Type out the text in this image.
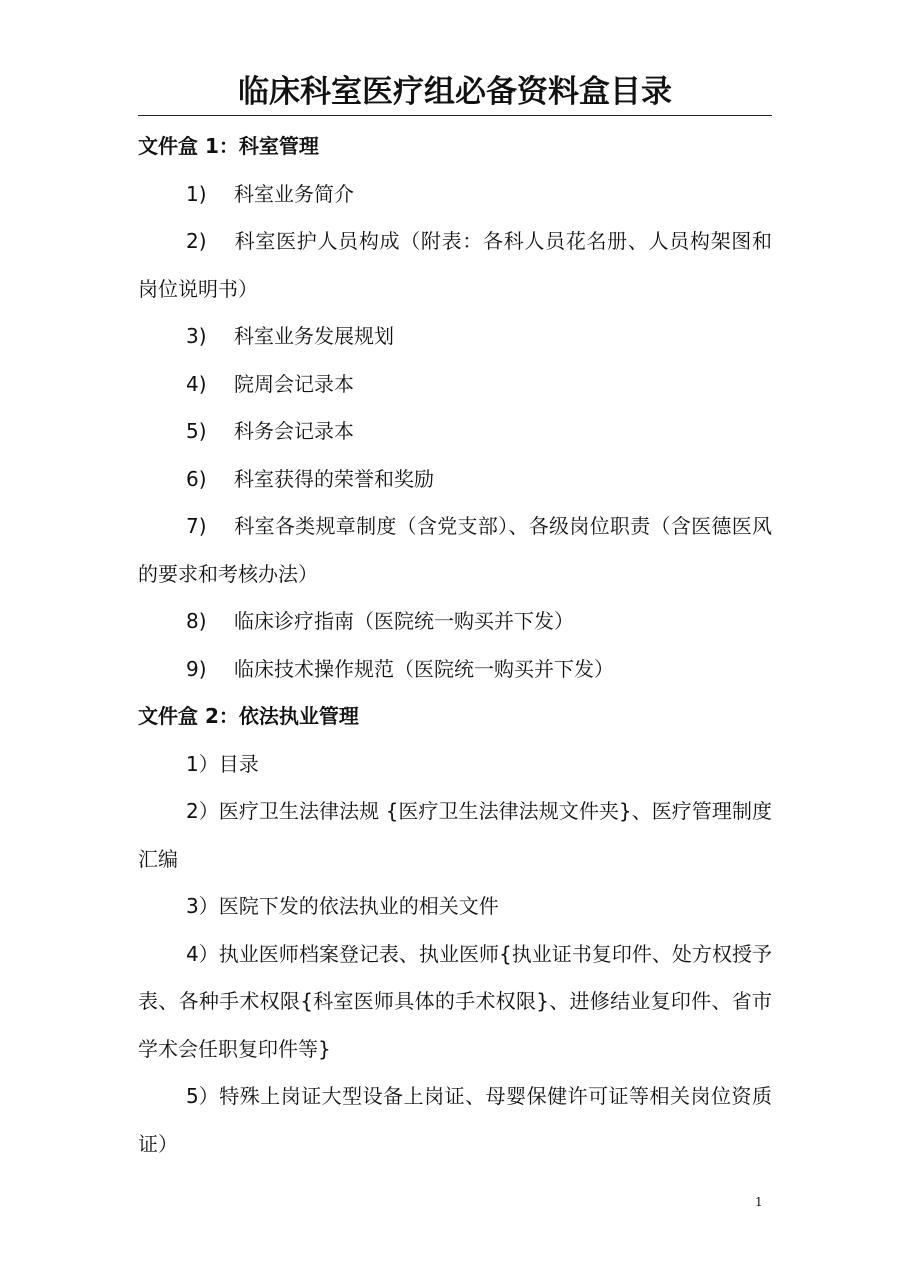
临床科室医疗组必备资料盒目录

文件盒 1：科室管理

1) 科室业务简介

2) 科室医护人员构成（附表：各科人员花名册、人员构架图和岗位说明书）

3) 科室业务发展规划

4) 院周会记录本

5) 科务会记录本

6) 科室获得的荣誉和奖励

7) 科室各类规章制度（含党支部）、各级岗位职责（含医德医风的要求和考核办法）

8) 临床诊疗指南（医院统一购买并下发）

9) 临床技术操作规范（医院统一购买并下发）

文件盒 2：依法执业管理

1）目录

2）医疗卫生法律法规 {医疗卫生法律法规文件夹}、医疗管理制度汇编

3）医院下发的依法执业的相关文件

4）执业医师档案登记表、执业医师{执业证书复印件、处方权授予表、各种手术权限{科室医师具体的手术权限}、进修结业复印件、省市学术会任职复印件等}

5）特殊上岗证大型设备上岗证、母婴保健许可证等相关岗位资质证）

1
